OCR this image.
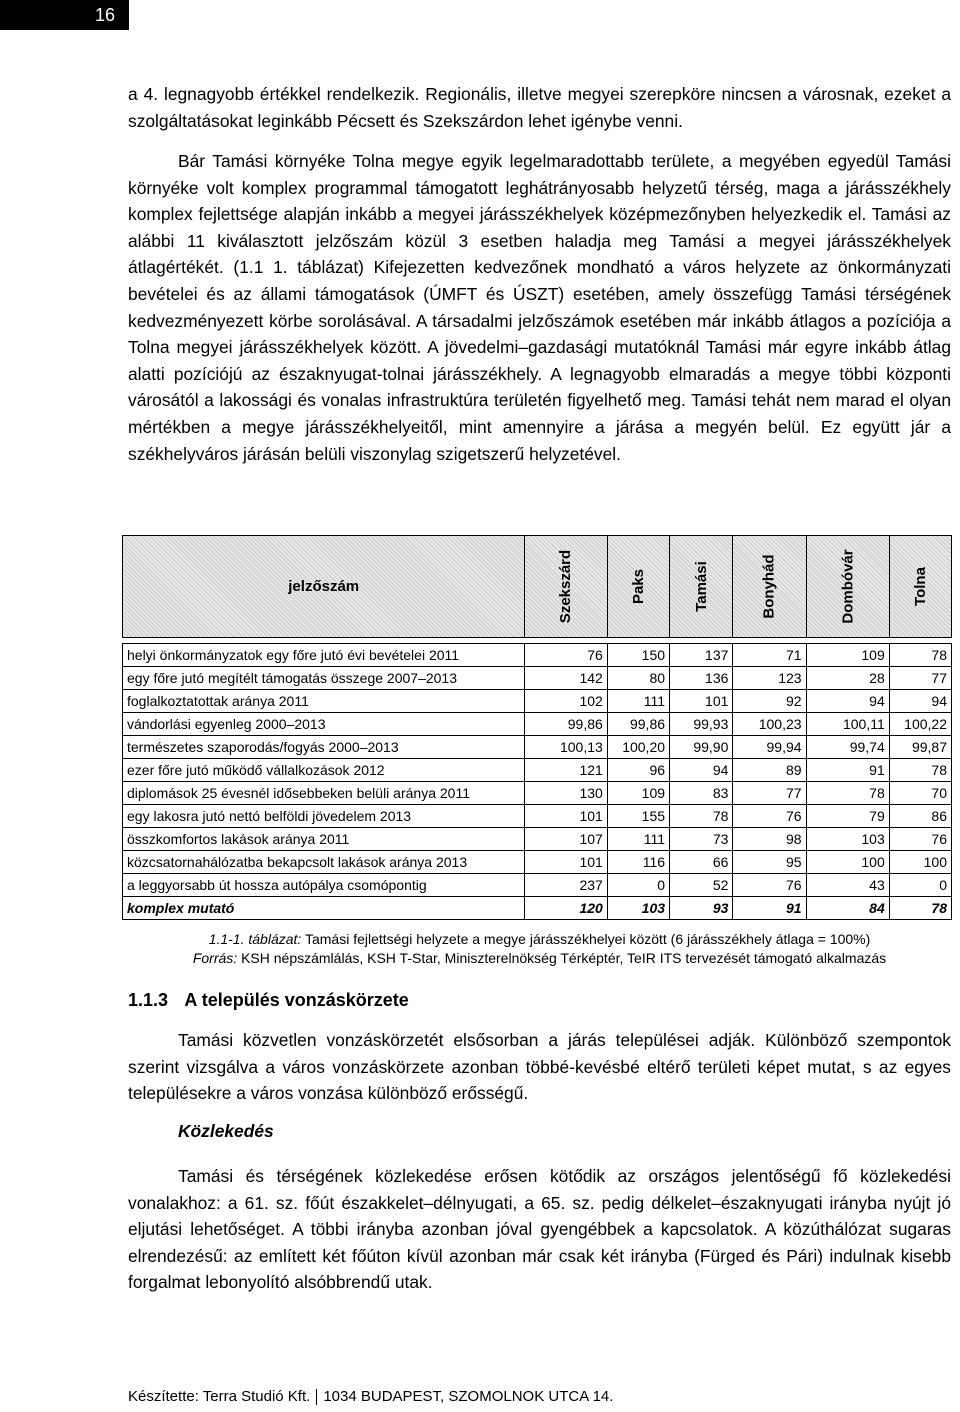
16

a 4. legnagyobb értékkel rendelkezik. Regionális, illetve megyei szerepköre nincsen a városnak, ezeket a szolgáltatásokat leginkább Pécsett és Szekszárdon lehet igénybe venni.

Bár Tamási környéke Tolna megye egyik legelmaradottabb területe, a megyében egyedül Tamási környéke volt komplex programmal támogatott leghátrányosabb helyzetű térség, maga a járásszékhely komplex fejlettsége alapján inkább a megyei járásszékhelyek középmezőnyben helyezkedik el. Tamási az alábbi 11 kiválasztott jelzőszám közül 3 esetben haladja meg Tamási a megyei járásszékhelyek átlagértékét. (1.1 1. táblázat) Kifejezetten kedvezőnek mondható a város helyzete az önkormányzati bevételei és az állami támogatások (ÚMFT és ÚSZT) esetében, amely összefügg Tamási térségének kedvezményezett körbe sorolásával. A társadalmi jelzőszámok esetében már inkább átlagos a pozíciója a Tolna megyei járásszékhelyek között. A jövedelmi–gazdasági mutatóknál Tamási már egyre inkább átlag alatti pozíciójú az északnyugat-tolnai járásszékhely. A legnagyobb elmaradás a megye többi központi városától a lakossági és vonalas infrastruktúra területén figyelhető meg. Tamási tehát nem marad el olyan mértékben a megye járásszékhelyeitől, mint amennyire a járása a megyén belül. Ez együtt jár a székhelyváros járásán belüli viszonylag szigetszerű helyzetével.

jelzőszám	Szekszárd	Paks	Tamási	Bonyhád	Dombóvár	Tolna

helyi önkormányzatok egy főre jutó évi bevételei 2011	76	150	137	71	109	78
egy főre jutó megítélt támogatás összege 2007–2013	142	80	136	123	28	77
foglalkoztatottak aránya 2011	102	111	101	92	94	94
vándorlási egyenleg 2000–2013	99,86	99,86	99,93	100,23	100,11	100,22
természetes szaporodás/fogyás 2000–2013	100,13	100,20	99,90	99,94	99,74	99,87
ezer főre jutó működő vállalkozások 2012	121	96	94	89	91	78
diplomások 25 évesnél idősebbeken belüli aránya 2011	130	109	83	77	78	70
egy lakosra jutó nettó belföldi jövedelem 2013	101	155	78	76	79	86
összkomfortos lakások aránya 2011	107	111	73	98	103	76
közcsatornahálózatba bekapcsolt lakások aránya 2013	101	116	66	95	100	100
a leggyorsabb út hossza autópálya csomópontig	237	0	52	76	43	0
komplex mutató	120	103	93	91	84	78
1.1-1. táblázat: Tamási fejlettségi helyzete a megye járásszékhelyei között (6 járásszékhely átlaga = 100%)
Forrás: KSH népszámlálás, KSH T-Star, Miniszterelnökség Térképtér, TeIR ITS tervezését támogató alkalmazás
1.1.3 A település vonzáskörzete

Tamási közvetlen vonzáskörzetét elsősorban a járás települései adják. Különböző szempontok szerint vizsgálva a város vonzáskörzete azonban többé-kevésbé eltérő területi képet mutat, s az egyes településekre a város vonzása különböző erősségű.

Közlekedés

Tamási és térségének közlekedése erősen kötődik az országos jelentőségű fő közlekedési vonalakhoz: a 61. sz. főút északkelet–délnyugati, a 65. sz. pedig délkelet–északnyugati irányba nyújt jó eljutási lehetőséget. A többi irányba azonban jóval gyengébbek a kapcsolatok. A közúthálózat sugaras elrendezésű: az említett két főúton kívül azonban már csak két irányba (Fürged és Pári) indulnak kisebb forgalmat lebonyolító alsóbbrendű utak.

Készítette: Terra Studió Kft. 1034 BUDAPEST, SZOMOLNOK UTCA 14.
